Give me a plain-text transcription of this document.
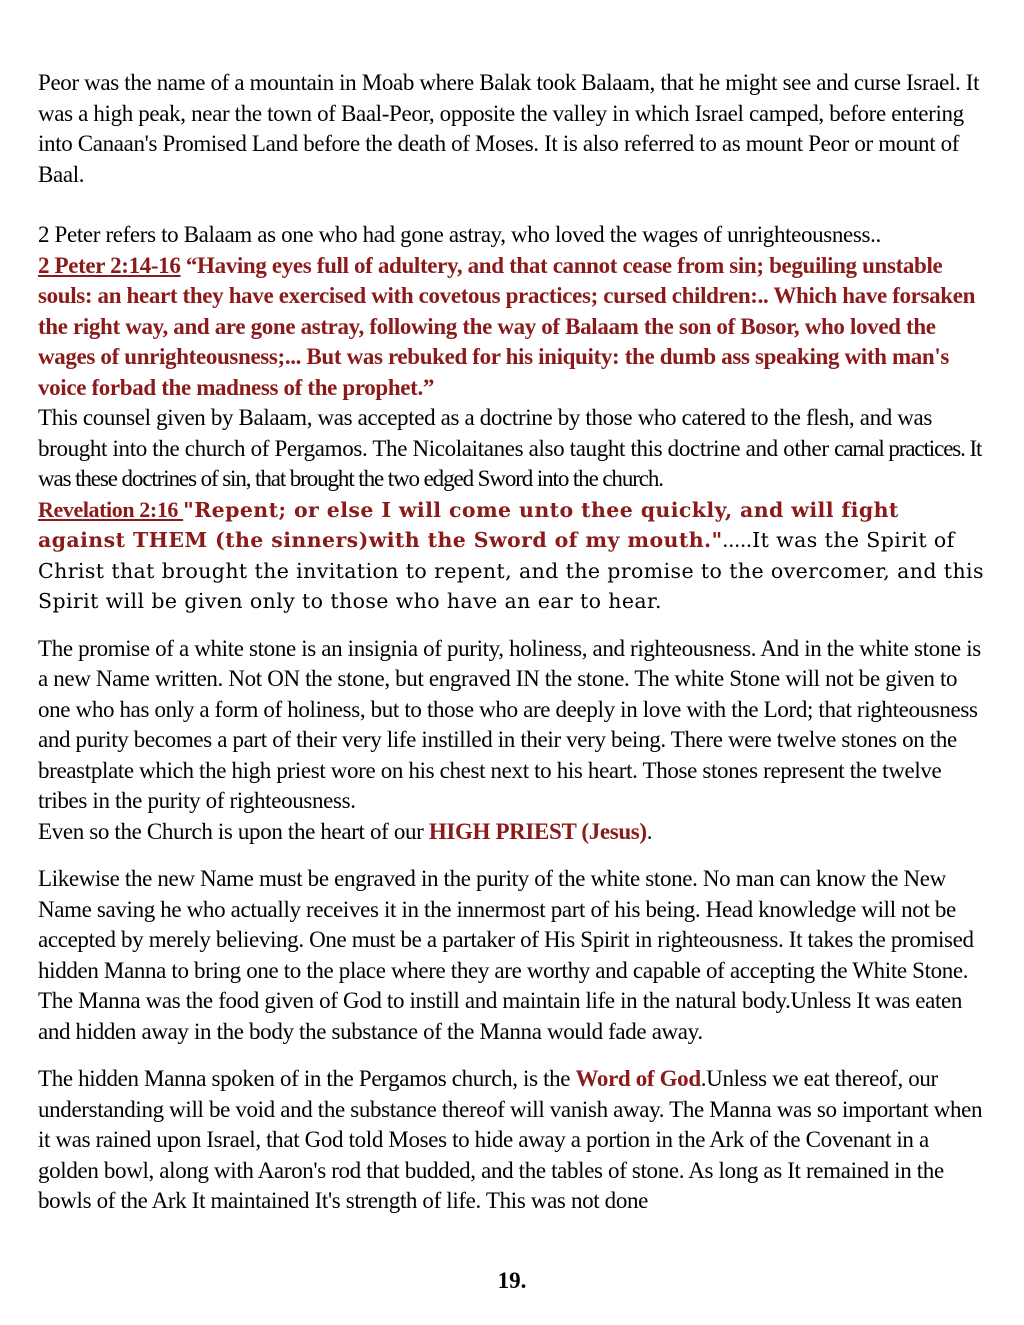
Peor was the name of a mountain in Moab where Balak took Balaam, that he might see and curse Israel. It was a high peak, near the town of Baal-Peor, opposite the valley in which Israel camped, before entering into Canaan's Promised Land before the death of Moses. It is also referred to as mount Peor or mount of Baal.

2 Peter refers to Balaam as one who had gone astray, who loved the wages of unrighteousness..
2 Peter 2:14-16 “Having eyes full of adultery, and that cannot cease from sin; beguiling unstable souls: an heart they have exercised with covetous practices; cursed children:.. Which have forsaken the right way, and are gone astray, following the way of Balaam the son of Bosor, who loved the wages of unrighteousness;... But was rebuked for his iniquity: the dumb ass speaking with man's voice forbad the madness of the prophet.”

This counsel given by Balaam, was accepted as a doctrine by those who catered to the flesh, and was brought into the church of Pergamos. The Nicolaitanes also taught this doctrine and other carnal practices. It was these doctrines of sin, that brought the two edged Sword into the church.

Revelation 2:16 "Repent; or else I will come unto thee quickly, and will fight against THEM (the sinners)with the Sword of my mouth.".....It was the Spirit of Christ that brought the invitation to repent, and the promise to the overcomer, and this Spirit will be given only to those who have an ear to hear.

The promise of a white stone is an insignia of purity, holiness, and righteousness. And in the white stone is a new Name written. Not ON the stone, but engraved IN the stone. The white Stone will not be given to one who has only a form of holiness, but to those who are deeply in love with the Lord; that righteousness and purity becomes a part of their very life instilled in their very being. There were twelve stones on the breastplate which the high priest wore on his chest next to his heart. Those stones represent the twelve tribes in the purity of righteousness.

Even so the Church is upon the heart of our HIGH PRIEST (Jesus).

Likewise the new Name must be engraved in the purity of the white stone. No man can know the New Name saving he who actually receives it in the innermost part of his being. Head knowledge will not be accepted by merely believing. One must be a partaker of His Spirit in righteousness. It takes the promised hidden Manna to bring one to the place where they are worthy and capable of accepting the White Stone. The Manna was the food given of God to instill and maintain life in the natural body.Unless It was eaten and hidden away in the body the substance of the Manna would fade away.

The hidden Manna spoken of in the Pergamos church, is the Word of God.Unless we eat thereof, our understanding will be void and the substance thereof will vanish away. The Manna was so important when it was rained upon Israel, that God told Moses to hide away a portion in the Ark of the Covenant in a golden bowl, along with Aaron's rod that budded, and the tables of stone. As long as It remained in the bowls of the Ark It maintained It's strength of life. This was not done

19.
